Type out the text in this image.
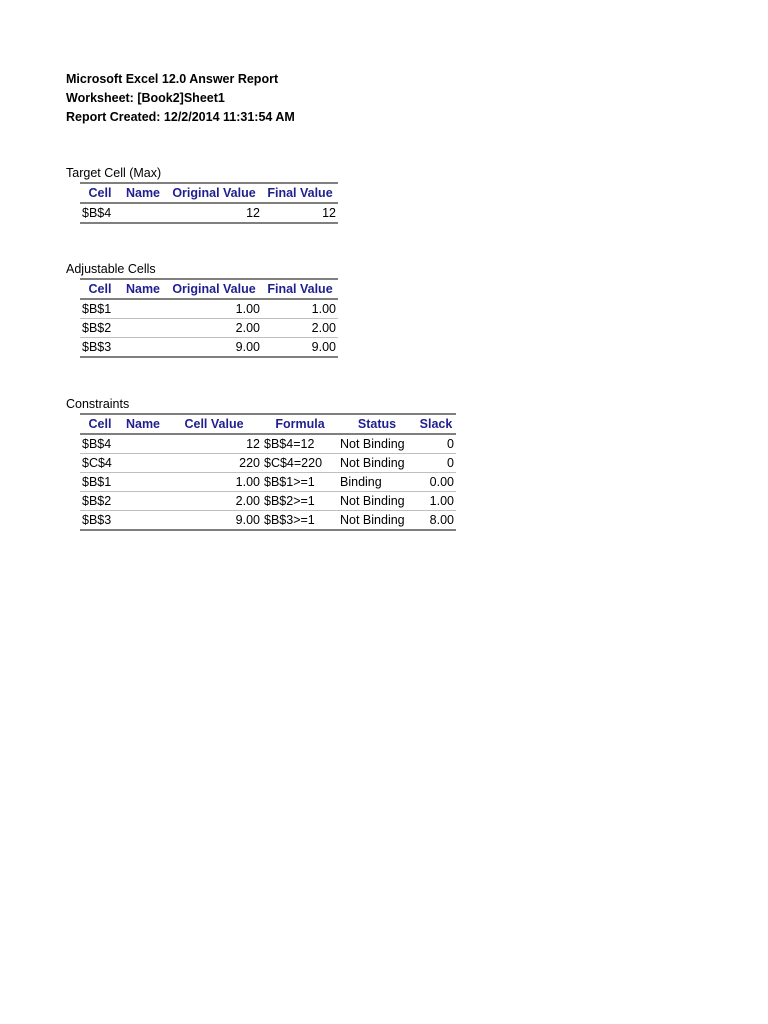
Microsoft Excel 12.0 Answer Report
Worksheet: [Book2]Sheet1
Report Created: 12/2/2014 11:31:54 AM
Target Cell (Max)
Cell	Name	Original Value	Final Value
$B$4		12	12
Adjustable Cells
Cell	Name	Original Value	Final Value
$B$1		1.00	1.00
$B$2		2.00	2.00
$B$3		9.00	9.00
Constraints
Cell	Name	Cell Value	Formula	Status	Slack
$B$4		12	$B$4=12	Not Binding	0
$C$4		220	$C$4=220	Not Binding	0
$B$1		1.00	$B$1>=1	Binding	0.00
$B$2		2.00	$B$2>=1	Not Binding	1.00
$B$3		9.00	$B$3>=1	Not Binding	8.00
